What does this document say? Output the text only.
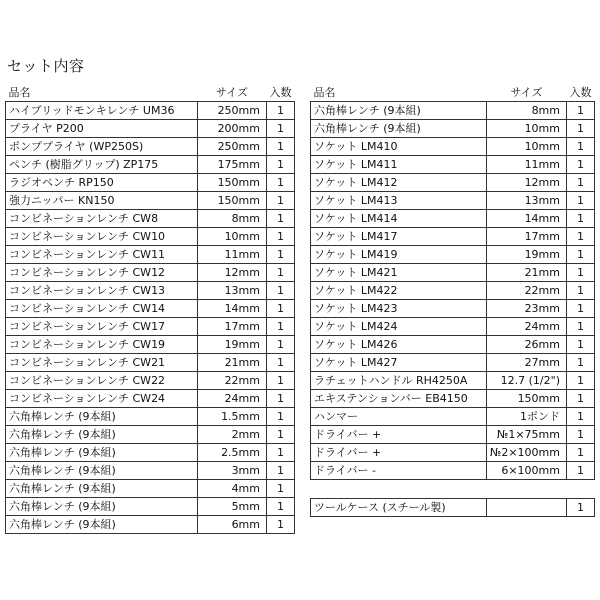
セット内容
品名	サイズ	入数
ハイブリッドモンキレンチ UM36	250mm	1
プライヤ P200	200mm	1
ポンププライヤ (WP250S)	250mm	1
ペンチ (樹脂グリップ) ZP175	175mm	1
ラジオペンチ RP150	150mm	1
強力ニッパー KN150	150mm	1
コンビネーションレンチ CW8	8mm	1
コンビネーションレンチ CW10	10mm	1
コンビネーションレンチ CW11	11mm	1
コンビネーションレンチ CW12	12mm	1
コンビネーションレンチ CW13	13mm	1
コンビネーションレンチ CW14	14mm	1
コンビネーションレンチ CW17	17mm	1
コンビネーションレンチ CW19	19mm	1
コンビネーションレンチ CW21	21mm	1
コンビネーションレンチ CW22	22mm	1
コンビネーションレンチ CW24	24mm	1
六角棒レンチ (9本組)	1.5mm	1
六角棒レンチ (9本組)	2mm	1
六角棒レンチ (9本組)	2.5mm	1
六角棒レンチ (9本組)	3mm	1
六角棒レンチ (9本組)	4mm	1
六角棒レンチ (9本組)	5mm	1
六角棒レンチ (9本組)	6mm	1
品名	サイズ	入数
六角棒レンチ (9本組)	8mm	1
六角棒レンチ (9本組)	10mm	1
ソケット LM410	10mm	1
ソケット LM411	11mm	1
ソケット LM412	12mm	1
ソケット LM413	13mm	1
ソケット LM414	14mm	1
ソケット LM417	17mm	1
ソケット LM419	19mm	1
ソケット LM421	21mm	1
ソケット LM422	22mm	1
ソケット LM423	23mm	1
ソケット LM424	24mm	1
ソケット LM426	26mm	1
ソケット LM427	27mm	1
ラチェットハンドル RH4250A	12.7 (1/2")	1
エキステンションバー EB4150	150mm	1
ハンマー	1ポンド	1
ドライバー +	№1×75mm	1
ドライバー +	№2×100mm	1
ドライバー -	6×100mm	1

ツールケース (スチール製)		1
